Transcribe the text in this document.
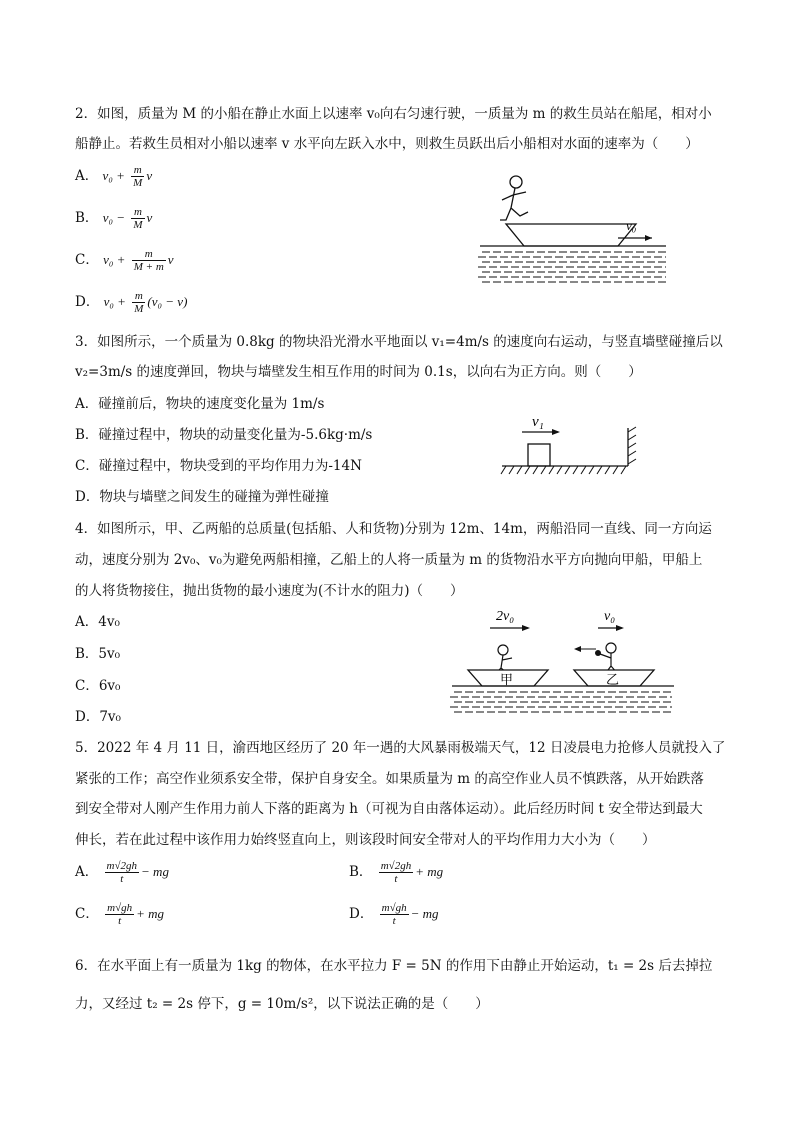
2．如图，质量为 M 的小船在静止水面上以速率 v₀向右匀速行驶，一质量为 m 的救生员站在船尾，相对小
船静止。若救生员相对小船以速率 v 水平向左跃入水中，则救生员跃出后小船相对水面的速率为（　　）
A． $v_0 + \frac{m}{M}$ v
B． $v_0 - \frac{m}{M}$ v
C． $v_0 + \frac{m}{M + m}$ v
D． $v_0 + \frac{m}{M} (v_0 - v)$
v₀
3．如图所示，一个质量为 0.8kg 的物块沿光滑水平地面以 v₁=4m/s 的速度向右运动，与竖直墙壁碰撞后以
v₂=3m/s 的速度弹回，物块与墙壁发生相互作用的时间为 0.1s，以向右为正方向。则（　　）
A．碰撞前后，物块的速度变化量为 1m/s
B．碰撞过程中，物块的动量变化量为-5.6kg·m/s
C．碰撞过程中，物块受到的平均作用力为-14N
D．物块与墙壁之间发生的碰撞为弹性碰撞
v₁
4．如图所示，甲、乙两船的总质量(包括船、人和货物)分别为 12m、14m，两船沿同一直线、同一方向运
动，速度分别为 2v₀、v₀为避免两船相撞，乙船上的人将一质量为 m 的货物沿水平方向抛向甲船，甲船上
的人将货物接住，抛出货物的最小速度为(不计水的阻力)（　　）
A．4v₀
B．5v₀
C．6v₀
D．7v₀
2v₀	v₀
甲	乙
5．2022 年 4 月 11 日，渝西地区经历了 20 年一遇的大风暴雨极端天气，12 日凌晨电力抢修人员就投入了
紧张的工作；高空作业须系安全带，保护自身安全。如果质量为 m 的高空作业人员不慎跌落，从开始跌落
到安全带对人刚产生作用力前人下落的距离为 h（可视为自由落体运动）。此后经历时间 t 安全带达到最大
伸长，若在此过程中该作用力始终竖直向上，则该段时间安全带对人的平均作用力大小为（　　）
A． $\frac{m√2gh}{t}$ − mg	B． $\frac{m√2gh}{t}$ + mg
C． $\frac{m√gh}{t}$ + mg	D． $\frac{m√gh}{t}$ − mg
6．在水平面上有一质量为 1kg 的物体，在水平拉力 F = 5N 的作用下由静止开始运动，t₁ = 2s 后去掉拉
力，又经过 t₂ = 2s 停下，g = 10m/s²，以下说法正确的是（　　）
